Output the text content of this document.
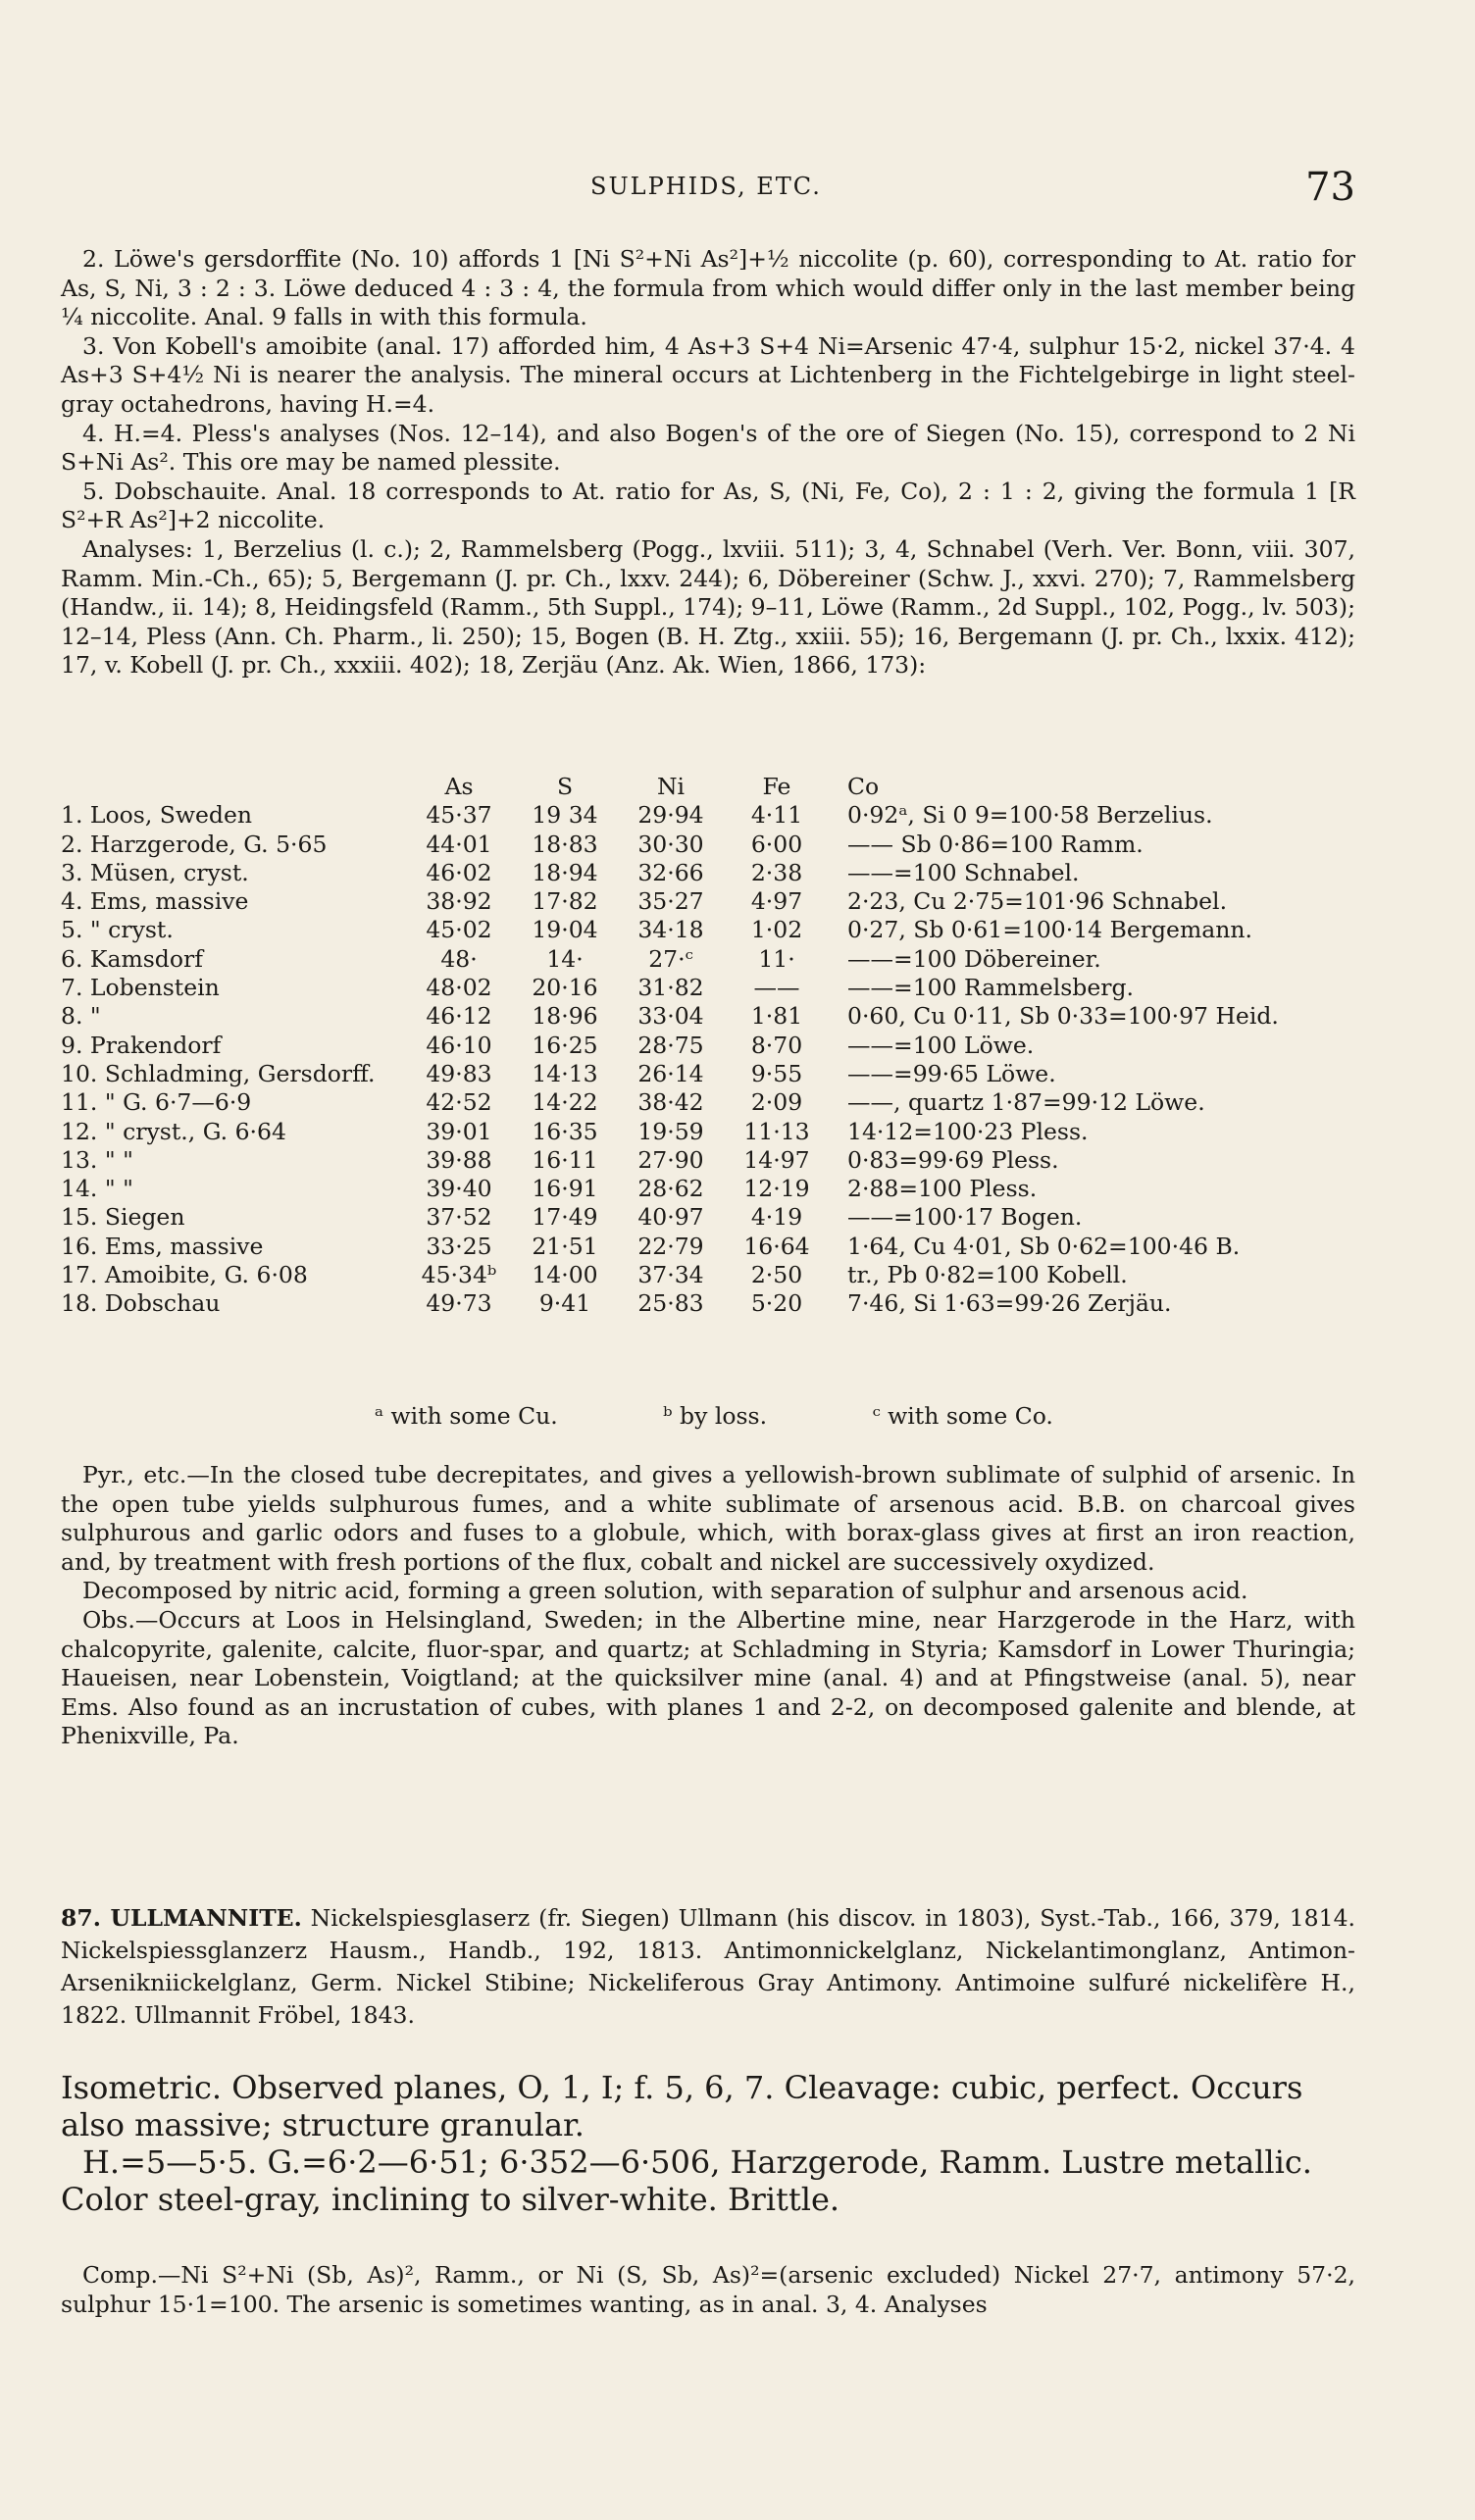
SULPHIDS, ETC.	73

2. Löwe's gersdorffite (No. 10) affords 1 [Ni S²+Ni As²]+½ niccolite (p. 60), corresponding to At. ratio for As, S, Ni, 3 : 2 : 3. Löwe deduced 4 : 3 : 4, the formula from which would differ only in the last member being ¼ niccolite. Anal. 9 falls in with this formula.

3. Von Kobell's amoibite (anal. 17) afforded him, 4 As+3 S+4 Ni=Arsenic 47·4, sulphur 15·2, nickel 37·4. 4 As+3 S+4½ Ni is nearer the analysis. The mineral occurs at Lichtenberg in the Fichtelgebirge in light steel-gray octahedrons, having H.=4.

4. H.=4. Pless's analyses (Nos. 12–14), and also Bogen's of the ore of Siegen (No. 15), correspond to 2 Ni S+Ni As². This ore may be named plessite.

5. Dobschauite. Anal. 18 corresponds to At. ratio for As, S, (Ni, Fe, Co), 2 : 1 : 2, giving the formula 1 [R S²+R As²]+2 niccolite.

Analyses: 1, Berzelius (l. c.); 2, Rammelsberg (Pogg., lxviii. 511); 3, 4, Schnabel (Verh. Ver. Bonn, viii. 307, Ramm. Min.-Ch., 65); 5, Bergemann (J. pr. Ch., lxxv. 244); 6, Döbereiner (Schw. J., xxvi. 270); 7, Rammelsberg (Handw., ii. 14); 8, Heidingsfeld (Ramm., 5th Suppl., 174); 9–11, Löwe (Ramm., 2d Suppl., 102, Pogg., lv. 503); 12–14, Pless (Ann. Ch. Pharm., li. 250); 15, Bogen (B. H. Ztg., xxiii. 55); 16, Bergemann (J. pr. Ch., lxxix. 412); 17, v. Kobell (J. pr. Ch., xxxiii. 402); 18, Zerjäu (Anz. Ak. Wien, 1866, 173):

	As	S	Ni	Fe	Co
1. Loos, Sweden	45·37	19 34	29·94	4·11	0·92ᵃ, Si 0 9=100·58 Berzelius.
2. Harzgerode, G. 5·65	44·01	18·83	30·30	6·00	—— Sb 0·86=100 Ramm.
3. Müsen, cryst.	46·02	18·94	32·66	2·38	——=100 Schnabel.
4. Ems, massive	38·92	17·82	35·27	4·97	2·23, Cu 2·75=101·96 Schnabel.
5. " cryst.	45·02	19·04	34·18	1·02	0·27, Sb 0·61=100·14 Bergemann.
6. Kamsdorf	48·	14·	27·ᶜ	11·	——=100 Döbereiner.
7. Lobenstein	48·02	20·16	31·82	——	——=100 Rammelsberg.
8. "	46·12	18·96	33·04	1·81	0·60, Cu 0·11, Sb 0·33=100·97 Heid.
9. Prakendorf	46·10	16·25	28·75	8·70	——=100 Löwe.
10. Schladming, Gersdorff.	49·83	14·13	26·14	9·55	——=99·65 Löwe.
11. " G. 6·7—6·9	42·52	14·22	38·42	2·09	——, quartz 1·87=99·12 Löwe.
12. " cryst., G. 6·64	39·01	16·35	19·59	11·13	14·12=100·23 Pless.
13. " "	39·88	16·11	27·90	14·97	0·83=99·69 Pless.
14. " "	39·40	16·91	28·62	12·19	2·88=100 Pless.
15. Siegen	37·52	17·49	40·97	4·19	——=100·17 Bogen.
16. Ems, massive	33·25	21·51	22·79	16·64	1·64, Cu 4·01, Sb 0·62=100·46 B.
17. Amoibite, G. 6·08	45·34ᵇ	14·00	37·34	2·50	tr., Pb 0·82=100 Kobell.
18. Dobschau	49·73	9·41	25·83	5·20	7·46, Si 1·63=99·26 Zerjäu.
ᵃ with some Cu.	ᵇ by loss.	ᶜ with some Co.

Pyr., etc.—In the closed tube decrepitates, and gives a yellowish-brown sublimate of sulphid of arsenic. In the open tube yields sulphurous fumes, and a white sublimate of arsenous acid. B.B. on charcoal gives sulphurous and garlic odors and fuses to a globule, which, with borax-glass gives at first an iron reaction, and, by treatment with fresh portions of the flux, cobalt and nickel are successively oxydized.

Decomposed by nitric acid, forming a green solution, with separation of sulphur and arsenous acid.

Obs.—Occurs at Loos in Helsingland, Sweden; in the Albertine mine, near Harzgerode in the Harz, with chalcopyrite, galenite, calcite, fluor-spar, and quartz; at Schladming in Styria; Kamsdorf in Lower Thuringia; Haueisen, near Lobenstein, Voigtland; at the quicksilver mine (anal. 4) and at Pfingstweise (anal. 5), near Ems. Also found as an incrustation of cubes, with planes 1 and 2-2, on decomposed galenite and blende, at Phenixville, Pa.

87. ULLMANNITE. Nickelspiesglaserz (fr. Siegen) Ullmann (his discov. in 1803), Syst.-Tab., 166, 379, 1814. Nickelspiessglanzerz Hausm., Handb., 192, 1813. Antimonnickelglanz, Nickelantimonglanz, Antimon-Arsenikniickelglanz, Germ. Nickel Stibine; Nickeliferous Gray Antimony. Antimoine sulfuré nickelifère H., 1822. Ullmannit Fröbel, 1843.

Isometric. Observed planes, O, 1, I; f. 5, 6, 7. Cleavage: cubic, perfect. Occurs also massive; structure granular.

H.=5—5·5. G.=6·2—6·51; 6·352—6·506, Harzgerode, Ramm. Lustre metallic. Color steel-gray, inclining to silver-white. Brittle.

Comp.—Ni S²+Ni (Sb, As)², Ramm., or Ni (S, Sb, As)²=(arsenic excluded) Nickel 27·7, antimony 57·2, sulphur 15·1=100. The arsenic is sometimes wanting, as in anal. 3, 4. Analyses
